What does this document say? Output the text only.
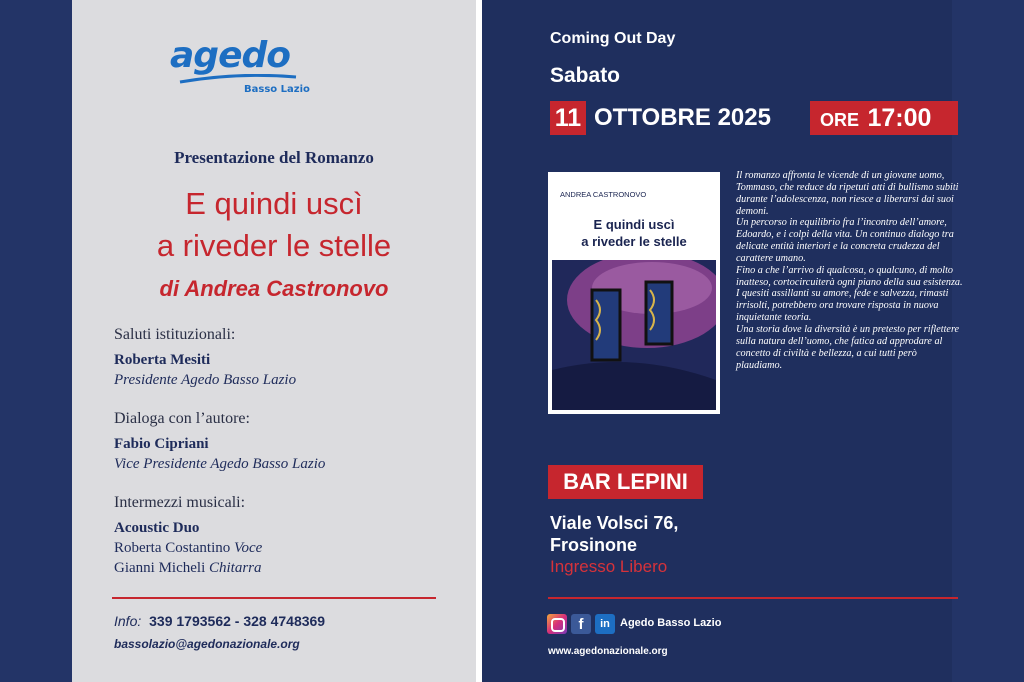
agedo
Basso Lazio
Presentazione del Romanzo
E quindi uscì
a riveder le stelle
di Andrea Castronovo
Saluti istituzionali:
Roberta Mesiti
Presidente Agedo Basso Lazio
Dialoga con l’autore:
Fabio Cipriani
Vice Presidente Agedo Basso Lazio
Intermezzi musicali:
Acoustic Duo
Roberta Costantino Voce
Gianni Micheli Chitarra
Info: 339 1793562 - 328 4748369
bassolazio@agedonazionale.org
Coming Out Day
Sabato
11 OTTOBRE 2025	ORE 17:00
ANDREA CASTRONOVO
E quindi uscì
a riveder le stelle

Il romanzo affronta le vicende di un giovane uomo, Tommaso, che reduce da ripetuti atti di bullismo subiti durante l’adolescenza, non riesce a liberarsi dai suoi demoni.

Un percorso in equilibrio fra l’incontro dell’amore, Edoardo, e i colpi della vita. Un continuo dialogo tra delicate entità interiori e la concreta crudezza del carattere umano.

Fino a che l’arrivo di qualcosa, o qualcuno, di molto inatteso, cortocircuiterà ogni piano della sua esistenza.

I quesiti assillanti su amore, fede e salvezza, rimasti irrisolti, potrebbero ora trovare risposta in nuova inquietante teoria.

Una storia dove la diversità è un pretesto per riflettere sulla natura dell’uomo, che fatica ad approdare al concetto di civiltà e bellezza, a cui tutti però plaudiamo.

BAR LEPINI
Viale Volsci 76,
Frosinone
Ingresso Libero
f	in Agedo Basso Lazio
www.agedonazionale.org
